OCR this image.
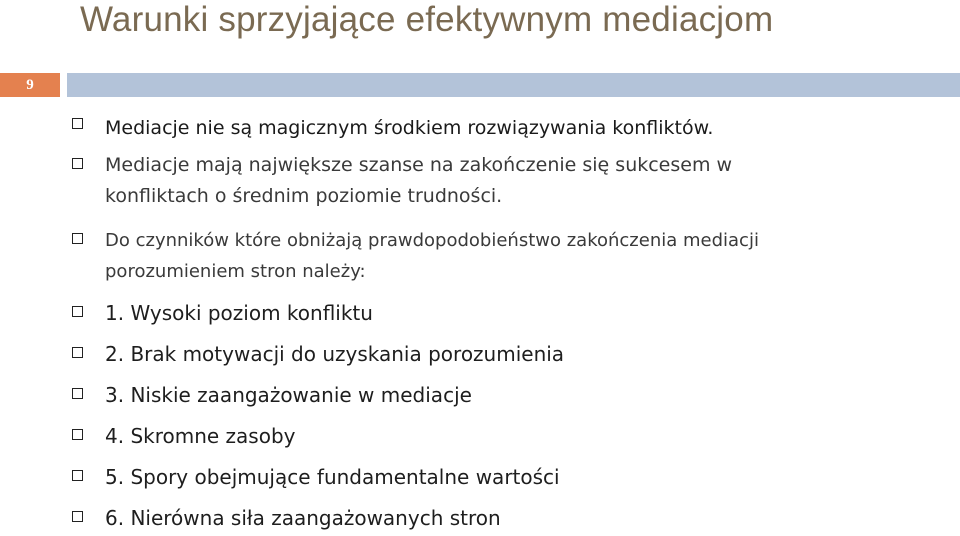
Warunki sprzyjające efektywnym mediacjom
9
Mediacje nie są magicznym środkiem rozwiązywania konfliktów.
Mediacje mają największe szanse na zakończenie się sukcesem w
konfliktach o średnim poziomie trudności.
Do czynników które obniżają prawdopodobieństwo zakończenia mediacji
porozumieniem stron należy:
1. Wysoki poziom konfliktu
2. Brak motywacji do uzyskania porozumienia
3. Niskie zaangażowanie w mediacje
4. Skromne zasoby
5. Spory obejmujące fundamentalne wartości
6. Nierówna siła zaangażowanych stron
